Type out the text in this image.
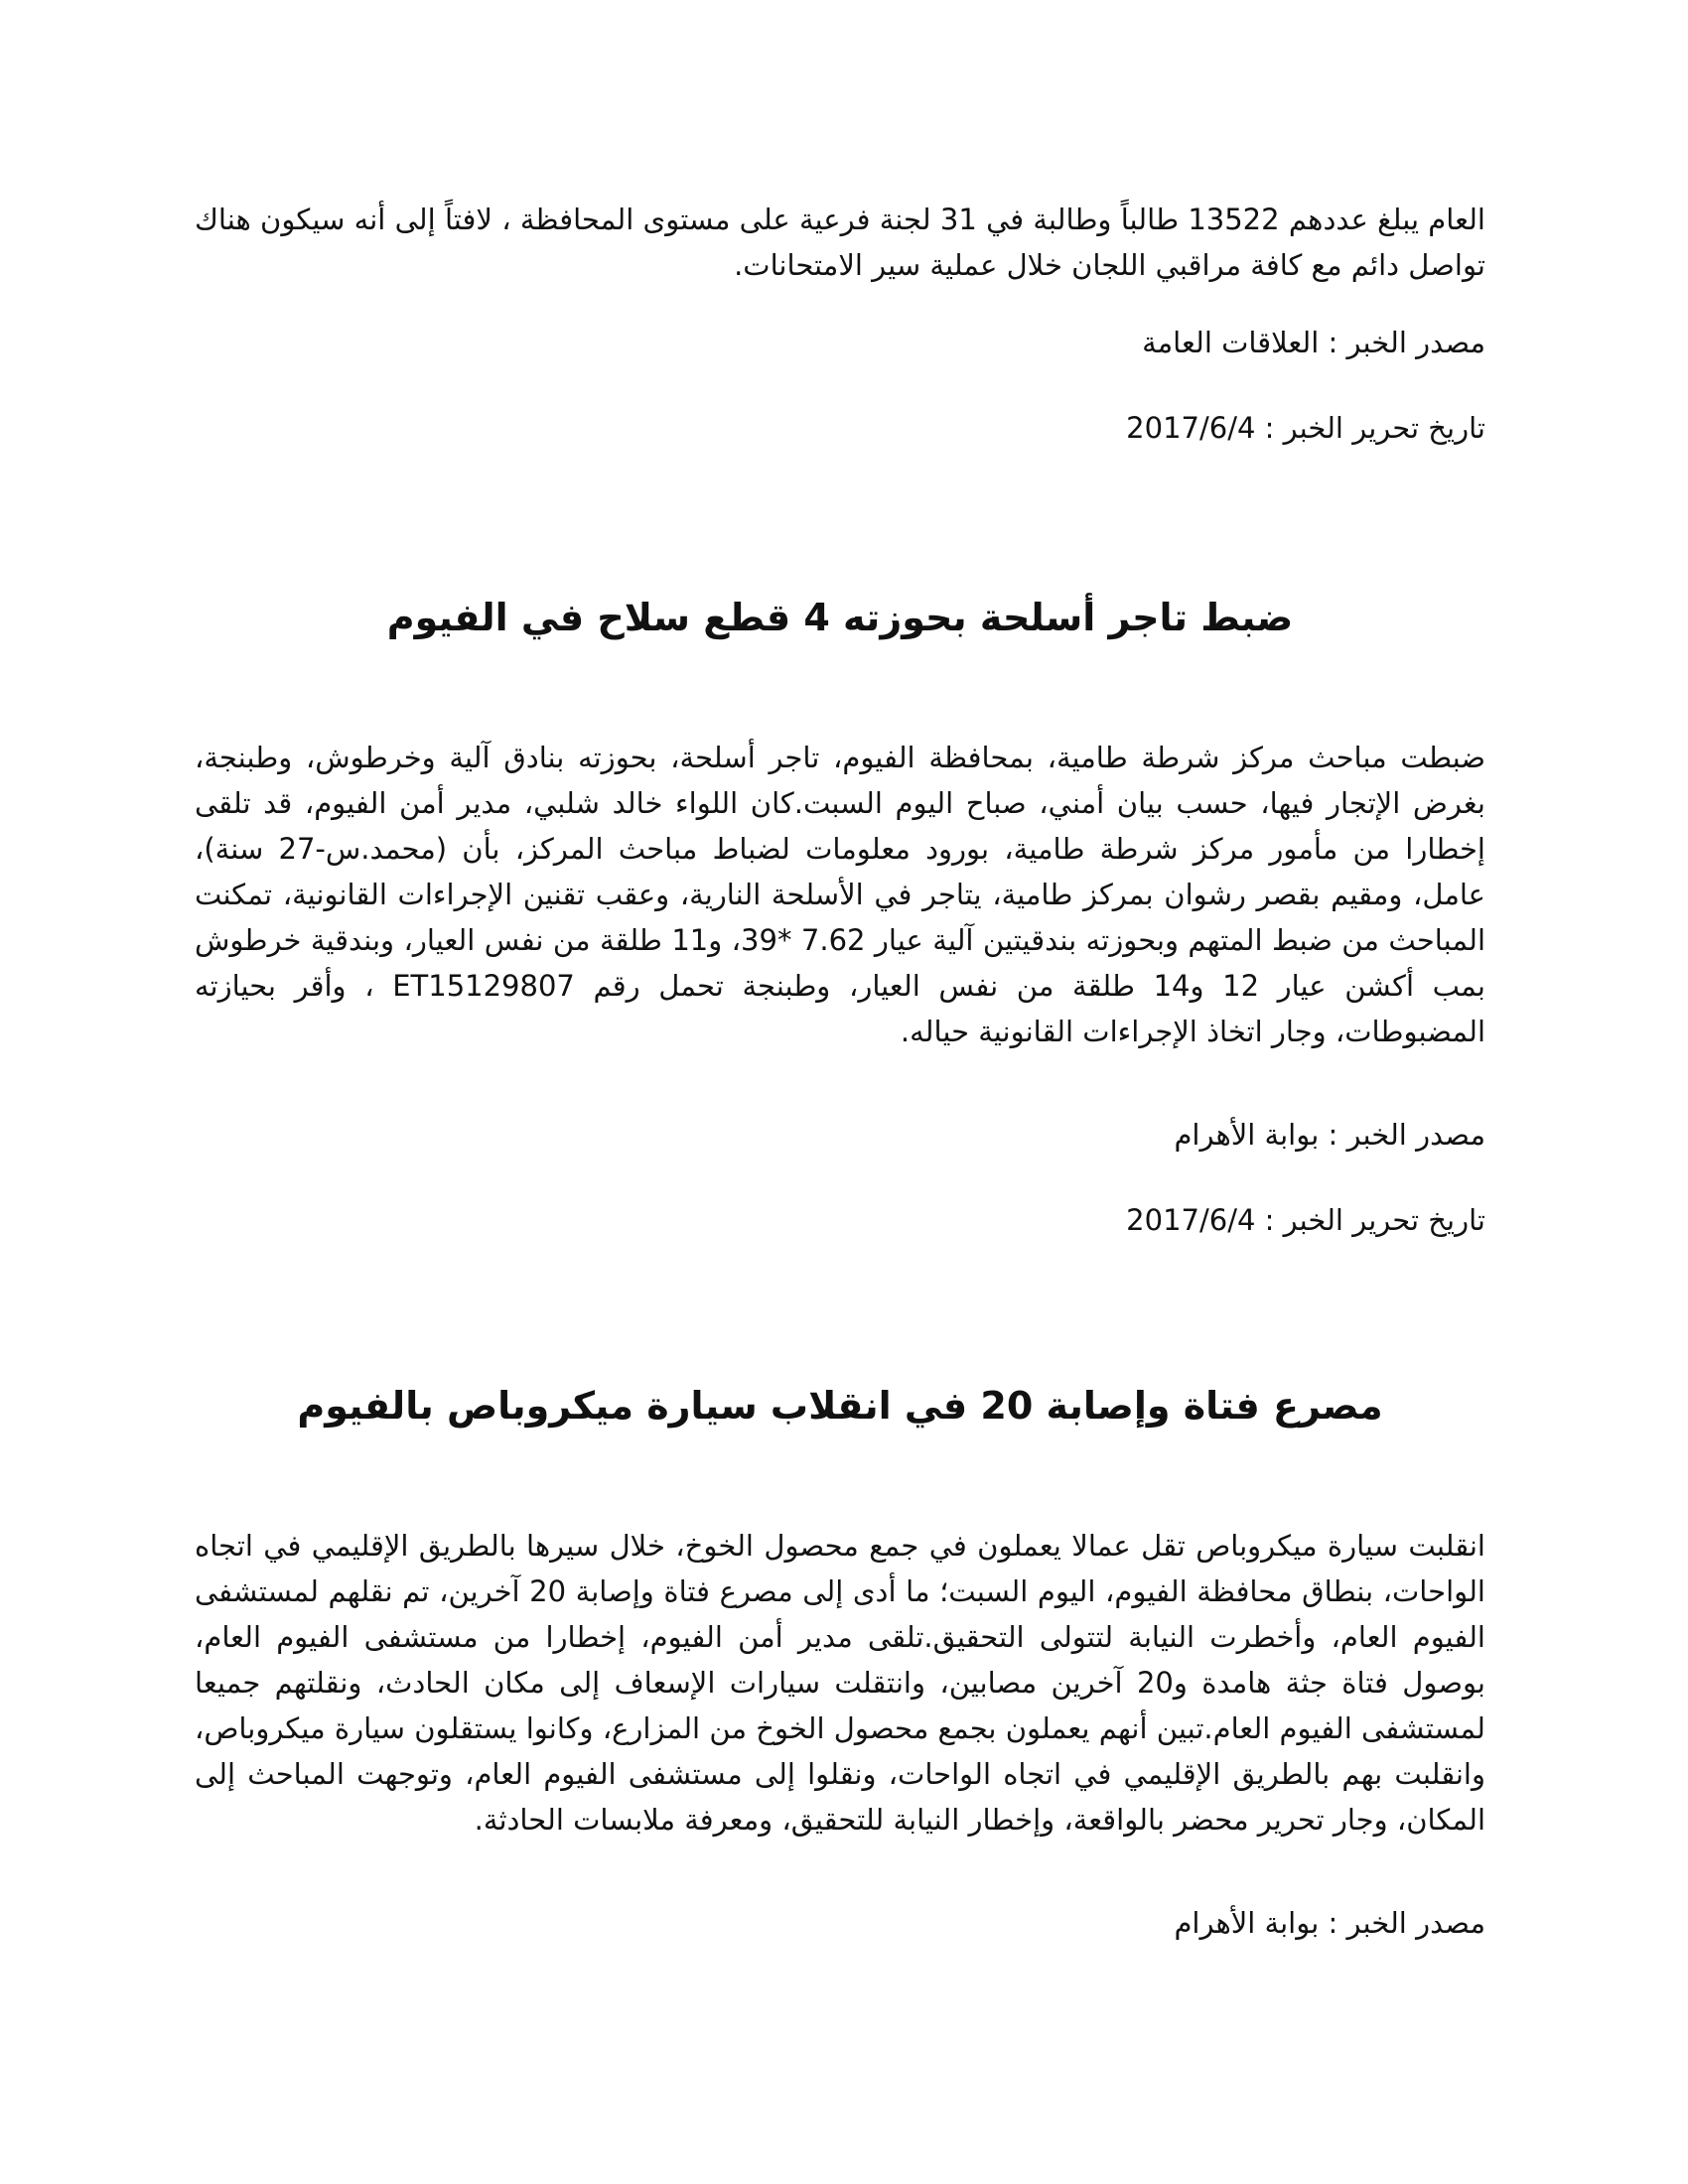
العام يبلغ عددهم 13522 طالباً وطالبة في 31 لجنة فرعية على مستوى المحافظة ، لافتاً إلى أنه سيكون هناك تواصل دائم مع كافة مراقبي اللجان خلال عملية سير الامتحانات.

مصدر الخبر : العلاقات العامة

تاريخ تحرير الخبر : 2017/6/4

ضبط تاجر أسلحة بحوزته 4 قطع سلاح في الفيوم

ضبطت مباحث مركز شرطة طامية، بمحافظة الفيوم، تاجر أسلحة، بحوزته بنادق آلية وخرطوش، وطبنجة، بغرض الإتجار فيها، حسب بيان أمني، صباح اليوم السبت.كان اللواء خالد شلبي، مدير أمن الفيوم، قد تلقى إخطارا من مأمور مركز شرطة طامية، بورود معلومات لضباط مباحث المركز، بأن (محمد.س-27 سنة)، عامل، ومقيم بقصر رشوان بمركز طامية، يتاجر في الأسلحة النارية، وعقب تقنين الإجراءات القانونية، تمكنت المباحث من ضبط المتهم وبحوزته بندقيتين آلية عيار 7.62 *39، و11 طلقة من نفس العيار، وبندقية خرطوش بمب أكشن عيار 12 و14 طلقة من نفس العيار، وطبنجة تحمل رقم ET15129807 ، وأقر بحيازته المضبوطات، وجار اتخاذ الإجراءات القانونية حياله.

مصدر الخبر : بوابة الأهرام

تاريخ تحرير الخبر : 2017/6/4

مصرع فتاة وإصابة 20 في انقلاب سيارة ميكروباص بالفيوم

انقلبت سيارة ميكروباص تقل عمالا يعملون في جمع محصول الخوخ، خلال سيرها بالطريق الإقليمي في اتجاه الواحات، بنطاق محافظة الفيوم، اليوم السبت؛ ما أدى إلى مصرع فتاة وإصابة 20 آخرين، تم نقلهم لمستشفى الفيوم العام، وأخطرت النيابة لتتولى التحقيق.تلقى مدير أمن الفيوم، إخطارا من مستشفى الفيوم العام، بوصول فتاة جثة هامدة و20 آخرين مصابين، وانتقلت سيارات الإسعاف إلى مكان الحادث، ونقلتهم جميعا لمستشفى الفيوم العام.تبين أنهم يعملون بجمع محصول الخوخ من المزارع، وكانوا يستقلون سيارة ميكروباص، وانقلبت بهم بالطريق الإقليمي في اتجاه الواحات، ونقلوا إلى مستشفى الفيوم العام، وتوجهت المباحث إلى المكان، وجار تحرير محضر بالواقعة، وإخطار النيابة للتحقيق، ومعرفة ملابسات الحادثة.

مصدر الخبر : بوابة الأهرام
